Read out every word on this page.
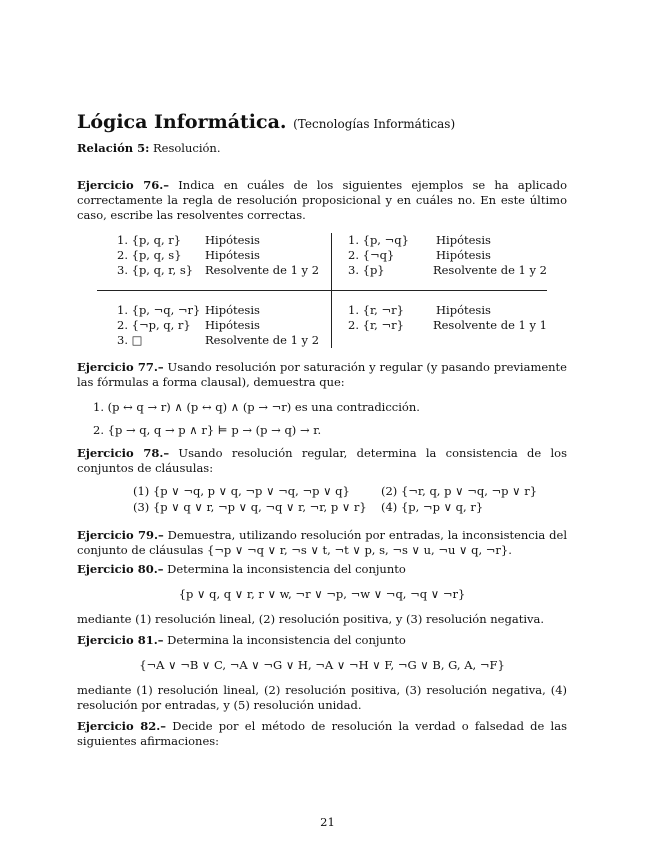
Lógica Informática. (Tecnologías Informáticas)
Relación 5: Resolución.

Ejercicio 76.– Indica en cuáles de los siguientes ejemplos se ha aplicado correctamente la regla de resolución proposicional y en cuáles no. En este último caso, escribe las resolventes correctas.

1. {p, q, r}	Hipótesis
2. {p, q, s}	Hipótesis
3. {p, q, r, s}	Resolvente de 1 y 2
1. {p, ¬q}	Hipótesis
2. {¬q}	Hipótesis
3. {p}	Resolvente de 1 y 2
1. {p, ¬q, ¬r} Hipótesis
2. {¬p, q, r}	Hipótesis
3. □	Resolvente de 1 y 2
1. {r, ¬r}	Hipótesis
2. {r, ¬r}	Resolvente de 1 y 1

Ejercicio 77.– Usando resolución por saturación y regular (y pasando previamente las fórmulas a forma clausal), demuestra que:

1. (p ↔ q → r) ∧ (p ↔ q) ∧ (p → ¬r) es una contradicción.
2. {p → q, q → p ∧ r} ⊨ p → (p → q) → r.

Ejercicio 78.– Usando resolución regular, determina la consistencia de los conjuntos de cláusulas:

(1) {p ∨ ¬q, p ∨ q, ¬p ∨ ¬q, ¬p ∨ q}	(2) {¬r, q, p ∨ ¬q, ¬p ∨ r}
(3) {p ∨ q ∨ r, ¬p ∨ q, ¬q ∨ r, ¬r, p ∨ r}	(4) {p, ¬p ∨ q, r}

Ejercicio 79.– Demuestra, utilizando resolución por entradas, la inconsistencia del conjunto de cláusulas {¬p ∨ ¬q ∨ r, ¬s ∨ t, ¬t ∨ p, s, ¬s ∨ u, ¬u ∨ q, ¬r}.

Ejercicio 80.– Determina la inconsistencia del conjunto

{p ∨ q, q ∨ r, r ∨ w, ¬r ∨ ¬p, ¬w ∨ ¬q, ¬q ∨ ¬r}

mediante (1) resolución lineal, (2) resolución positiva, y (3) resolución negativa.

Ejercicio 81.– Determina la inconsistencia del conjunto

{¬A ∨ ¬B ∨ C, ¬A ∨ ¬G ∨ H, ¬A ∨ ¬H ∨ F, ¬G ∨ B, G, A, ¬F}

mediante (1) resolución lineal, (2) resolución positiva, (3) resolución negativa, (4) resolución por entradas, y (5) resolución unidad.

Ejercicio 82.– Decide por el método de resolución la verdad o falsedad de las siguientes afirmaciones:

21
